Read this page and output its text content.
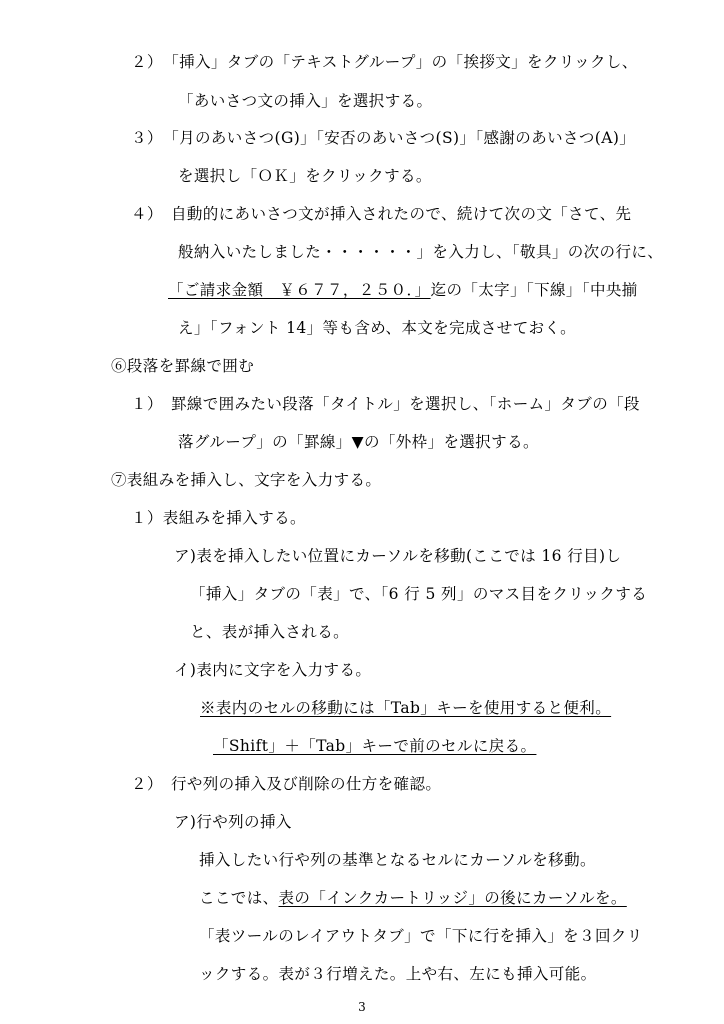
２）　「挿入」タブの「テキストグループ」の「挨拶文」をクリックし、
「あいさつ文の挿入」を選択する。
３）　「月のあいさつ(G)」「安否のあいさつ(S)」「感謝のあいさつ(A)」
を選択し「ＯＫ」をクリックする。
４）　自動的にあいさつ文が挿入されたので、続けて次の文「さて、先
般納入いたしました・・・・・・」を入力し、「敬具」の次の行に、
「ご請求金額　￥６７７，２５０．」迄の「太字」「下線」「中央揃
え」「フォント 14」等も含め、本文を完成させておく。
⑥段落を罫線で囲む
１）　罫線で囲みたい段落「タイトル」を選択し、「ホーム」タブの「段
落グループ」の「罫線」▼の「外枠」を選択する。
⑦表組みを挿入し、文字を入力する。
１）表組みを挿入する。
ア)表を挿入したい位置にカーソルを移動(ここでは 16 行目)し
「挿入」タブの「表」で、「6 行 5 列」のマス目をクリックする
と、表が挿入される。
イ)表内に文字を入力する。
※表内のセルの移動には「Tab」キーを使用すると便利。
「Shift」＋「Tab」キーで前のセルに戻る。
２）　行や列の挿入及び削除の仕方を確認。
ア)行や列の挿入
挿入したい行や列の基準となるセルにカーソルを移動。
ここでは、表の「インクカートリッジ」の後にカーソルを。
「表ツールのレイアウトタブ」で「下に行を挿入」を３回クリ
ックする。表が３行増えた。上や右、左にも挿入可能。
3
